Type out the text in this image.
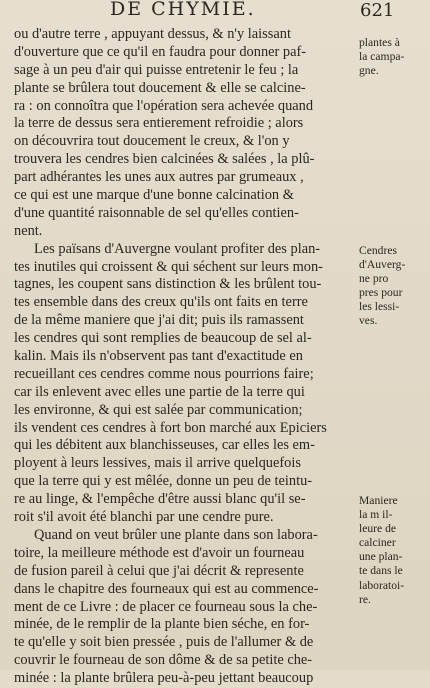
DE CHYMIE.	621
ou d'autre terre , appuyant dessus, & n'y laissant
d'ouverture que ce qu'il en faudra pour donner paf-
sage à un peu d'air qui puisse entretenir le feu ; la
plante se brûlera tout doucement & elle se calcine-
ra : on connoîtra que l'opération sera achevée quand
la terre de dessus sera entierement refroidie ; alors
on découvrira tout doucement le creux, & l'on y
trouvera les cendres bien calcinées & salées , la plû-
part adhérantes les unes aux autres par grumeaux ,
ce qui est une marque d'une bonne calcination &
d'une quantité raisonnable de sel qu'elles contien-
nent.
Les païsans d'Auvergne voulant profiter des plan-
tes inutiles qui croissent & qui séchent sur leurs mon-
tagnes, les coupent sans distinction & les brûlent tou-
tes ensemble dans des creux qu'ils ont faits en terre
de la même maniere que j'ai dit; puis ils ramassent
les cendres qui sont remplies de beaucoup de sel al-
kalin. Mais ils n'observent pas tant d'exactitude en
recueillant ces cendres comme nous pourrions faire;
car ils enlevent avec elles une partie de la terre qui
les environne, & qui est salée par communication;
ils vendent ces cendres à fort bon marché aux Epiciers
qui les débitent aux blanchisseuses, car elles les em-
ployent à leurs lessives, mais il arrive quelquefois
que la terre qui y est mêlée, donne un peu de teintu-
re au linge, & l'empêche d'être aussi blanc qu'il se-
roit s'il avoit été blanchi par une cendre pure.
Quand on veut brûler une plante dans son labora-
toire, la meilleure méthode est d'avoir un fourneau
de fusion pareil à celui que j'ai décrit & represente
dans le chapitre des fourneaux qui est au commence-
ment de ce Livre : de placer ce fourneau sous la che-
minée, de le remplir de la plante bien séche, en for-
te qu'elle y soit bien pressée , puis de l'allumer & de
couvrir le fourneau de son dôme & de sa petite che-
minée : la plante brûlera peu-à-peu jettant beaucoup
plantes à
la campa-
gne.
Cendres
d'Auverg-
ne pro
pres pour
les lessi-
ves.
Maniere
la m il-
leure de
calciner
une plan-
te dans le
laboratoi-
re.
